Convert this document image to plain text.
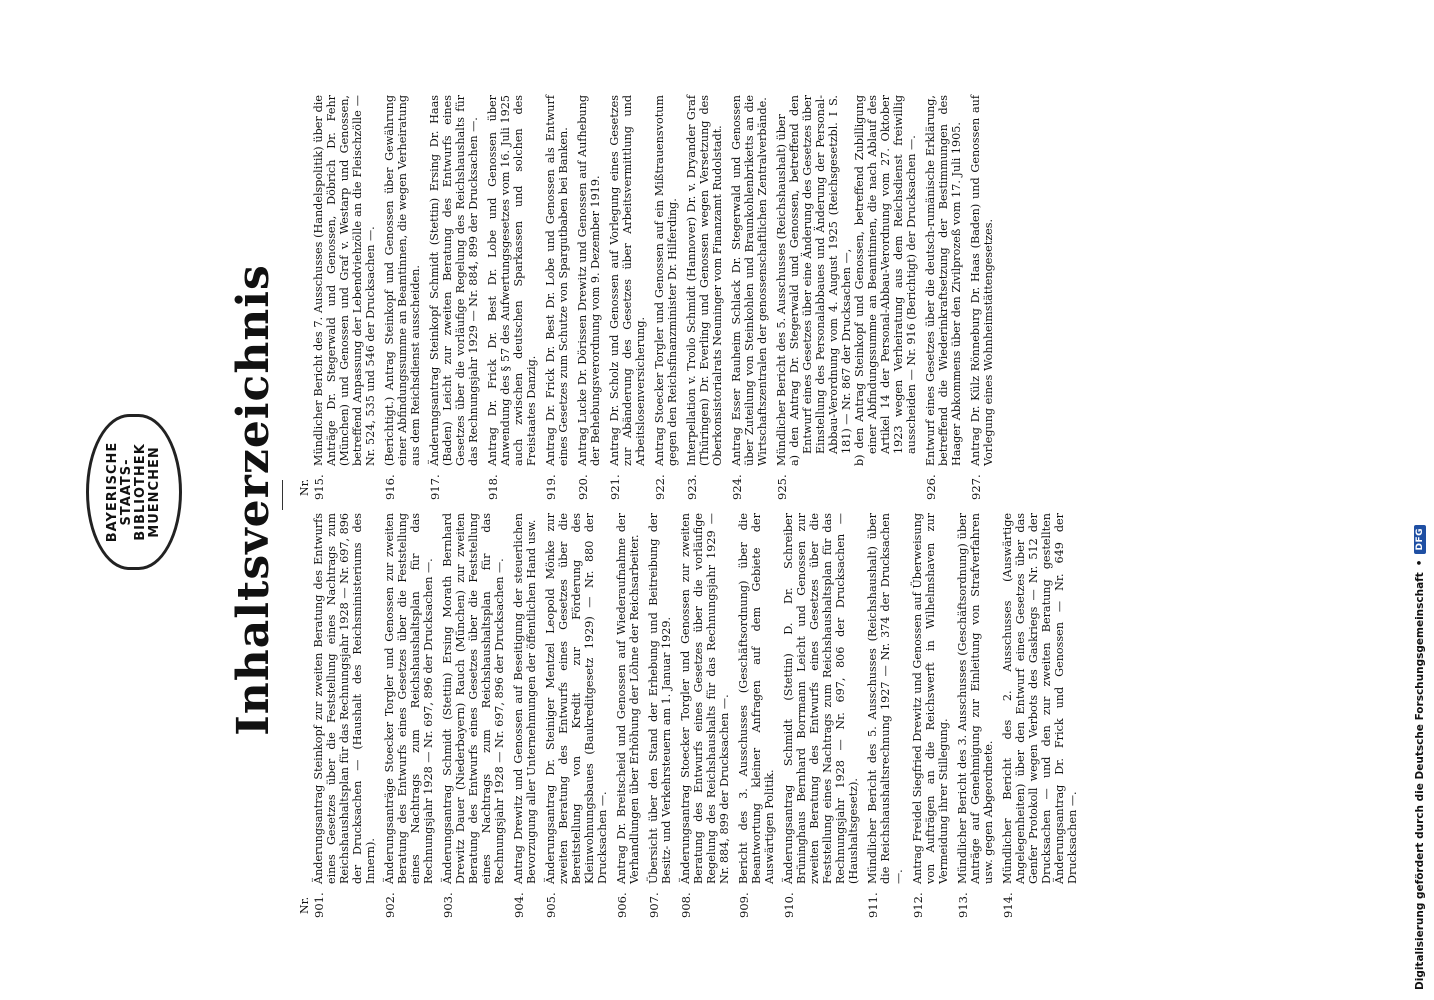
BAYERISCHE STAATS- BIBLIOTHEK MUENCHEN Inhaltsverzeichnis
Nr. 901.
Änderungsantrag Steinkopf zur zweiten Beratung des Entwurfs eines Gesetzes über die Feststellung eines Nachtrags zum Reichshaushaltsplan für das Rechnungsjahr 1928 — Nr. 697, 896 der Drucksachen — (Haushalt des Reichsministeriums des Innern).
902.
Änderungsanträge Stoecker Torgler und Genossen zur zweiten Beratung des Entwurfs eines Gesetzes über die Feststellung eines Nachtrags zum Reichshaushaltsplan für das Rechnungsjahr 1928 — Nr. 697, 896 der Drucksachen —.
903.
Änderungsantrag Schmidt (Stettin) Ersing Morath Bernhard Drewitz Dauer (Niederbayern) Rauch (München) zur zweiten Beratung des Entwurfs eines Gesetzes über die Feststellung eines Nachtrags zum Reichshaushaltsplan für das Rechnungsjahr 1928 — Nr. 697, 896 der Drucksachen —.
904.
Antrag Drewitz und Genossen auf Beseitigung der steuerlichen Bevorzugung aller Unternehmungen der öffentlichen Hand usw.
905.
Änderungsantrag Dr. Steiniger Mentzel Leopold Mönke zur zweiten Beratung des Entwurfs eines Gesetzes über die Bereitstellung von Kredit zur Förderung des Kleinwohnungsbaues (Baukreditgesetz 1929) — Nr. 880 der Drucksachen —.
906.
Antrag Dr. Breitscheid und Genossen auf Wiederaufnahme der Verhandlungen über Erhöhung der Löhne der Reichsarbeiter.
907.
Übersicht über den Stand der Erhebung und Beitreibung der Besitz- und Verkehrsteuern am 1. Januar 1929.
908.
Änderungsantrag Stoecker Torgler und Genossen zur zweiten Beratung des Entwurfs eines Gesetzes über die vorläufige Regelung des Reichshaushalts für das Rechnungsjahr 1929 — Nr. 884, 899 der Drucksachen —.
909.
Bericht des 3. Ausschusses (Geschäftsordnung) über die Beantwortung kleiner Anfragen auf dem Gebiete der Auswärtigen Politik.
910.
Änderungsantrag Schmidt (Stettin) D. Dr. Schreiber Brüninghaus Bernhard Borrmann Leicht und Genossen zur zweiten Beratung des Entwurfs eines Gesetzes über die Feststellung eines Nachtrags zum Reichshaushaltsplan für das Rechnungsjahr 1928 — Nr. 697, 806 der Drucksachen — (Haushaltsgesetz).
911.
Mündlicher Bericht des 5. Ausschusses (Reichshaushalt) über die Reichshaushaltsrechnung 1927 — Nr. 374 der Drucksachen —.
912.
Antrag Freidel Siegfried Drewitz und Genossen auf Überweisung von Aufträgen an die Reichswerft in Wilhelmshaven zur Vermeidung ihrer Stillegung.
913.
Mündlicher Bericht des 3. Ausschusses (Geschäftsordnung) über Anträge auf Genehmigung zur Einleitung von Strafverfahren usw. gegen Abgeordnete.
914.
Mündlicher Bericht des 2. Ausschusses (Auswärtige Angelegenheiten) über den Entwurf eines Gesetzes über das Genfer Protokoll wegen Verbots des Gaskriegs — Nr. 512 der Drucksachen — und den zur zweiten Beratung gestellten Änderungsantrag Dr. Frick und Genossen — Nr. 649 der Drucksachen —.
Nr. 915.
Mündlicher Bericht des 7. Ausschusses (Handelspolitik) über die Anträge Dr. Stegerwald und Genossen, Döbrich Dr. Fehr (München) und Genossen und Graf v. Westarp und Genossen, betreffend Anpassung der Lebendviehzölle an die Fleischzölle — Nr. 524, 535 und 546 der Drucksachen —.
916.
(Berichtigt.) Antrag Steinkopf und Genossen über Gewährung einer Abfindungssumme an Beamtinnen, die wegen Verheiratung aus dem Reichsdienst ausscheiden.
917.
Änderungsantrag Steinkopf Schmidt (Stettin) Ersing Dr. Haas (Baden) Leicht zur zweiten Beratung des Entwurfs eines Gesetzes über die vorläufige Regelung des Reichshaushalts für das Rechnungsjahr 1929 — Nr. 884, 899 der Drucksachen —.
918.
Antrag Dr. Frick Dr. Best Dr. Lobe und Genossen über Anwendung des § 57 des Aufwertungsgesetzes vom 16. Juli 1925 auch zwischen deutschen Sparkassen und solchen des Freistaates Danzig.
919.
Antrag Dr. Frick Dr. Best Dr. Lobe und Genossen als Entwurf eines Gesetzes zum Schutze von Spargutbaben bei Banken.
920.
Antrag Lucke Dr. Dörissen Drewitz und Genossen auf Aufhebung der Behebungsverordnung vom 9. Dezember 1919.
921.
Antrag Dr. Scholz und Genossen auf Vorlegung eines Gesetzes zur Abänderung des Gesetzes über Arbeitsvermittlung und Arbeitslosenversicherung.
922.
Antrag Stoecker Torgler und Genossen auf ein Mißtrauensvotum gegen den Reichsfinanzminister Dr. Hilferding.
923.
Interpellation v. Troilo Schmidt (Hannover) Dr. v. Dryander Graf (Thüringen) Dr. Everling und Genossen wegen Versetzung des Oberkonsistorialrats Neuninger vom Finanzamt Rudolstadt.
924.
Antrag Esser Rauheim Schlack Dr. Stegerwald und Genossen über Zuteilung von Steinkohlen und Braunkohlenbriketts an die Wirtschaftszentralen der genossenschaftlichen Zentralverbände.
925.
Mündlicher Bericht des 5. Ausschusses (Reichshaushalt) über a) den Antrag Dr. Stegerwald und Genossen, betreffend den Entwurf eines Gesetzes über eine Änderung des Gesetzes über Einstellung des Personalabbaues und Änderung der Personal-Abbau-Verordnung vom 4. August 1925 (Reichsgesetzbl. I S. 181) — Nr. 867 der Drucksachen —, b) den Antrag Steinkopf und Genossen, betreffend Zubilligung einer Abfindungssumme an Beamtinnen, die nach Ablauf des Artikel 14 der Personal-Abbau-Verordnung vom 27. Oktober 1923 wegen Verheiratung aus dem Reichsdienst freiwillig ausscheiden — Nr. 916 (Berichtigt) der Drucksachen —.
926.
Entwurf eines Gesetzes über die deutsch-rumänische Erklärung, betreffend die Wiederinkraftsetzung der Bestimmungen des Haager Abkommens über den Zivilprozeß vom 17. Juli 1905.
927.
Antrag Dr. Külz Rönneburg Dr. Haas (Baden) und Genossen auf Vorlegung eines Wohnheimstättengesetzes.
Digitalisierung gefördert durch die Deutsche Forschungsgemeinschaft
•
DFG
